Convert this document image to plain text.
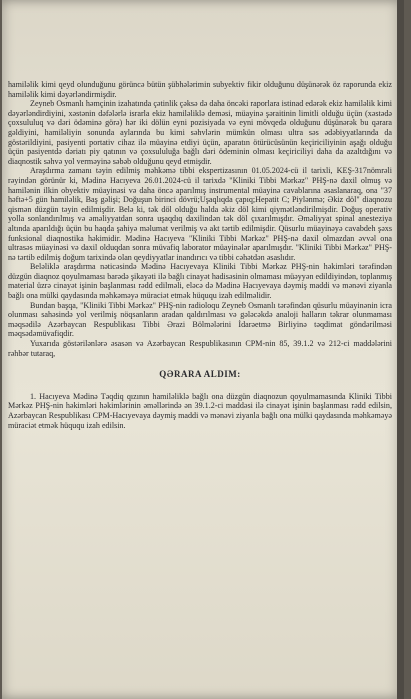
hamiləlik kimi qeyd olunduğunu görüncə bütün şübhələrimin subyektiv fikir olduğunu düşünərək öz raporunda ekiz hamiləlik kimi dəyərləndirmişdir.

Zeyneb Osmanlı həmçinin izahatında çətinlik çəksə də daha öncəki raporlara istinad edərək ekiz hamiləlik kimi dəyərləndirdiyini, xəstənin dəfələrlə israrla ekiz hamiləliklə deməsi, müayinə şəraitinin limitli olduğu üçün (xəstədə çoxsululuq və dəri ödəminə görə) hər iki dölün eyni pozisiyada və eyni mövqedə olduğunu düşünərək bu qərara gəldiyini, hamiləliyin sonunda aylarında bu kimi səhvlərin mümkün olması ultra səs ədəbiyyatlarında da göstərildiyini, pasiyenti portativ cihaz ilə müayinə etdiyi üçün, aparatın ötürücüsünün keçiriciliyinin aşağı olduğu üçün pasiyentdə dəriatı piy qatının və çoxsululuğa bağlı dəri ödeminin olması keçiriciliyi daha da azaltdığını və diaqnostik səhvə yol verməyinə səbəb olduğunu qeyd etmişdir.

Araşdırma zamanı təyin edilmiş məhkəmə tibbi ekspertizasının 01.05.2024-cü il tarixli, KEŞ-317nömrəli rəyindən görünür ki, Mədinə Hacıyeva 26.01.2024-cü il tarixdə "Kliniki Tibbi Mərkəz" PHŞ-nə daxil olmuş və hamilənin ilkin obyektiv müayinəsi və daha öncə aparılmış instrumental müayinə cavablarına əsaslanaraq, ona "37 həftə+5 gün hamiləlik, Baş gəlişi; Doğuşun birinci dövrü;Uşaqlıqda çapıq;Hepatit C; Piylənmə; Əkiz döl" diaqnozu qismən düzgün təyin edilmişdir. Belə ki, tək döl olduğu halda əkiz döl kimi qiymətləndirilmişdir. Doğuş operativ yolla sonlandırılmış və əməliyyatdan sonra uşaqdıq daxilindən tək döl çıxarılmışdır. Əməliyyat spinal anesteziya altında aparıldığı üçün bu haqda şahiyə məlumat verilmiş və akt tərtib edilmişdir. Qüsurlu müayinəyə cavabdeh şəxs funksional diaqnostika həkimidir. Mədinə Hacıyeva "Kliniki Tibbi Mərkəz" PHŞ-nə daxil olmazdan əvvəl ona ultrasəs müayinəsi və daxil olduqdan sonra müvafiq laborator müayinələr aparılmışdır. "Kliniki Tibbi Mərkəz" PHŞ-nə tərtib edilmiş doğum tarixində olan qeydiyyatlar inandırıcı və tibbi cəhətdən əsaslıdır.

Beləliklə araşdırma nəticəsində Mədinə Hacıyevaya Kliniki Tibbi Mərkəz PHŞ-nin həkimləri tərəfindən düzgün diaqnoz qoyulmaması barədə şikayəti ilə bağlı cinayət hadisəsinin olmaması müəyyən edildiyindən, toplanmış material üzrə cinayət işinin başlanması rədd edilməli, eləcə də Mədinə Hacıyevaya dəymiş maddi və mənəvi ziyanla bağlı ona mülki qaydasında məhkəməyə müraciət etmək hüququ izah edilməlidir.

Bundan başqa, "Kliniki Tibbi Mərkəz" PHŞ-nin radioloqu Zeyneb Osmanlı tərəfindən qüsurlu müayinənin icra olunması sahəsində yol verilmiş nöqsanların aradan qaldırılması və gələcəkdə analoji halların təkrar olunmaması məqsədilə Azərbaycan Respublikası Tibbi Ərazi Bölmələrini İdarəetmə Birliyinə təqdimat göndərilməsi məqsədəmüvafiqdir.

Yuxarıda göstərilənlərə əsasən və Azərbaycan Respublikasının CPM-nin 85, 39.1.2 və 212-ci maddələrini rəhbər tutaraq,

QƏRARA ALDIM:

1. Hacıyeva Mədinə Təqdiq qızının hamiləliklə bağlı ona düzgün diaqnozun qoyulmamasında Kliniki Tibbi Mərkəz PHŞ-nin həkimləri həkimlərinin əməllərində ən 39.1.2-ci maddəsi ilə cinayət işinin başlanması rədd edilsin, Azərbaycan Respublikası CPM-Hacıyevaya dəymiş maddi və mənəvi ziyanla bağlı ona mülki qaydasında məhkəməyə müraciət etmək hüququ izah edilsin.
